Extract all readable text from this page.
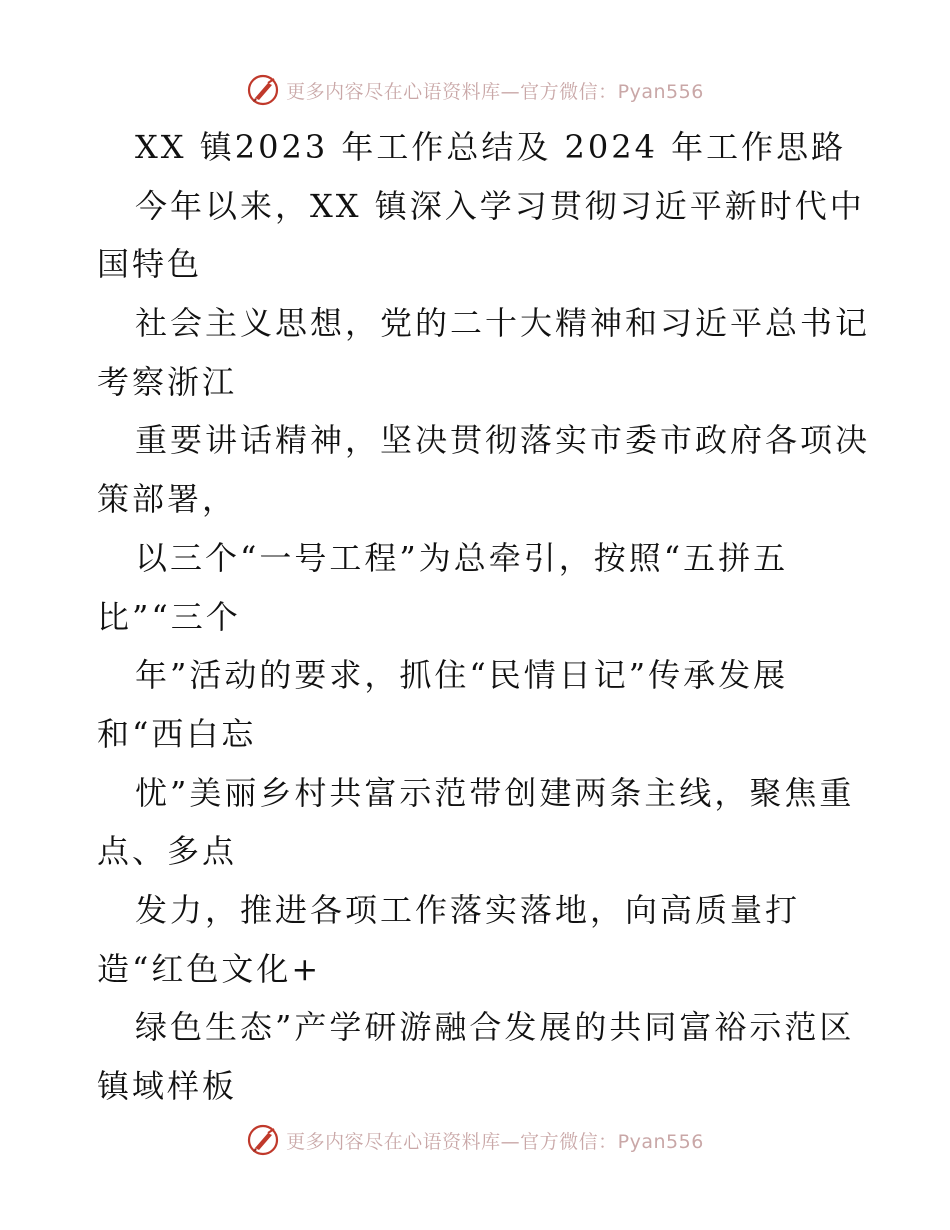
更多内容尽在心语资料库—官方微信：Pyan556
XX 镇2023 年工作总结及 2024 年工作思路
今年以来，XX 镇深入学习贯彻习近平新时代中
国特色
社会主义思想，党的二十大精神和习近平总书记
考察浙江
重要讲话精神，坚决贯彻落实市委市政府各项决
策部署，
以三个“一号工程”为总牵引，按照“五拼五
比”“三个
年”活动的要求，抓住“民情日记”传承发展
和“西白忘
忧”美丽乡村共富示范带创建两条主线，聚焦重
点、多点
发力，推进各项工作落实落地，向高质量打
造“红色文化+
绿色生态”产学研游融合发展的共同富裕示范区
镇域样板
更多内容尽在心语资料库—官方微信：Pyan556
